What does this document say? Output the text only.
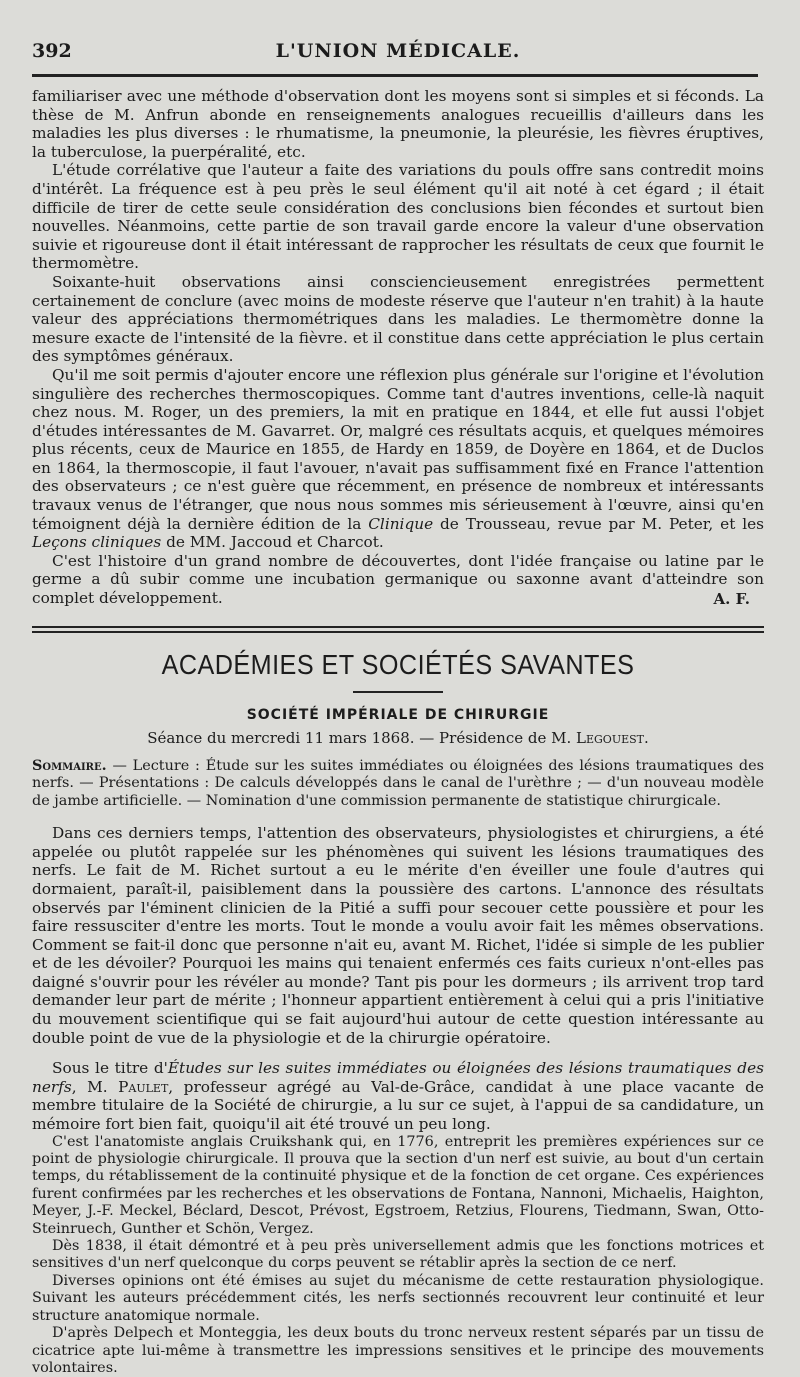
392	L'UNION MÉDICALE.

familiariser avec une méthode d'observation dont les moyens sont si simples et si féconds. La thèse de M. Anfrun abonde en renseignements analogues recueillis d'ailleurs dans les maladies les plus diverses : le rhumatisme, la pneumonie, la pleurésie, les fièvres éruptives, la tuberculose, la puerpéralité, etc.

L'étude corrélative que l'auteur a faite des variations du pouls offre sans contredit moins d'intérêt. La fréquence est à peu près le seul élément qu'il ait noté à cet égard ; il était difficile de tirer de cette seule considération des conclusions bien fécondes et surtout bien nouvelles. Néanmoins, cette partie de son travail garde encore la valeur d'une observation suivie et rigoureuse dont il était intéressant de rapprocher les résultats de ceux que fournit le thermomètre.

Soixante-huit observations ainsi consciencieusement enregistrées permettent certainement de conclure (avec moins de modeste réserve que l'auteur n'en trahit) à la haute valeur des appréciations thermométriques dans les maladies. Le thermomètre donne la mesure exacte de l'intensité de la fièvre. et il constitue dans cette appréciation le plus certain des symptômes généraux.

Qu'il me soit permis d'ajouter encore une réflexion plus générale sur l'origine et l'évolution singulière des recherches thermoscopiques. Comme tant d'autres inventions, celle-là naquit chez nous. M. Roger, un des premiers, la mit en pratique en 1844, et elle fut aussi l'objet d'études intéressantes de M. Gavarret. Or, malgré ces résultats acquis, et quelques mémoires plus récents, ceux de Maurice en 1855, de Hardy en 1859, de Doyère en 1864, et de Duclos en 1864, la thermoscopie, il faut l'avouer, n'avait pas suffisamment fixé en France l'attention des observateurs ; ce n'est guère que récemment, en présence de nombreux et intéressants travaux venus de l'étranger, que nous nous sommes mis sérieusement à l'œuvre, ainsi qu'en témoignent déjà la dernière édition de la Clinique de Trousseau, revue par M. Peter, et les Leçons cliniques de MM. Jaccoud et Charcot.

C'est l'histoire d'un grand nombre de découvertes, dont l'idée française ou latine par le germe a dû subir comme une incubation germanique ou saxonne avant d'atteindre son complet développement.	A. F.
ACADÉMIES ET SOCIÉTÉS SAVANTES
SOCIÉTÉ IMPÉRIALE DE CHIRURGIE
Séance du mercredi 11 mars 1868. — Présidence de M. Legouest.
Sommaire. — Lecture : Étude sur les suites immédiates ou éloignées des lésions traumatiques des nerfs. — Présentations : De calculs développés dans le canal de l'urèthre ; — d'un nouveau modèle de jambe artificielle. — Nomination d'une commission permanente de statistique chirurgicale.

Dans ces derniers temps, l'attention des observateurs, physiologistes et chirurgiens, a été appelée ou plutôt rappelée sur les phénomènes qui suivent les lésions traumatiques des nerfs. Le fait de M. Richet surtout a eu le mérite d'en éveiller une foule d'autres qui dormaient, paraît-il, paisiblement dans la poussière des cartons. L'annonce des résultats observés par l'éminent clinicien de la Pitié a suffi pour secouer cette poussière et pour les faire ressusciter d'entre les morts. Tout le monde a voulu avoir fait les mêmes observations. Comment se fait-il donc que personne n'ait eu, avant M. Richet, l'idée si simple de les publier et de les dévoiler? Pourquoi les mains qui tenaient enfermés ces faits curieux n'ont-elles pas daigné s'ouvrir pour les révéler au monde? Tant pis pour les dormeurs ; ils arrivent trop tard demander leur part de mérite ; l'honneur appartient entièrement à celui qui a pris l'initiative du mouvement scientifique qui se fait aujourd'hui autour de cette question intéressante au double point de vue de la physiologie et de la chirurgie opératoire.

Sous le titre d'Études sur les suites immédiates ou éloignées des lésions traumatiques des nerfs, M. Paulet, professeur agrégé au Val-de-Grâce, candidat à une place vacante de membre titulaire de la Société de chirurgie, a lu sur ce sujet, à l'appui de sa candidature, un mémoire fort bien fait, quoiqu'il ait été trouvé un peu long.

C'est l'anatomiste anglais Cruikshank qui, en 1776, entreprit les premières expériences sur ce point de physiologie chirurgicale. Il prouva que la section d'un nerf est suivie, au bout d'un certain temps, du rétablissement de la continuité physique et de la fonction de cet organe. Ces expériences furent confirmées par les recherches et les observations de Fontana, Nannoni, Michaelis, Haighton, Meyer, J.-F. Meckel, Béclard, Descot, Prévost, Egstroem, Retzius, Flourens, Tiedmann, Swan, Otto-Steinruech, Gunther et Schön, Vergez.

Dès 1838, il était démontré et à peu près universellement admis que les fonctions motrices et sensitives d'un nerf quelconque du corps peuvent se rétablir après la section de ce nerf.

Diverses opinions ont été émises au sujet du mécanisme de cette restauration physiologique. Suivant les auteurs précédemment cités, les nerfs sectionnés recouvrent leur continuité et leur structure anatomique normale.

D'après Delpech et Monteggia, les deux bouts du tronc nerveux restent séparés par un tissu de cicatrice apte lui-même à transmettre les impressions sensitives et le principe des mouvements volontaires.
